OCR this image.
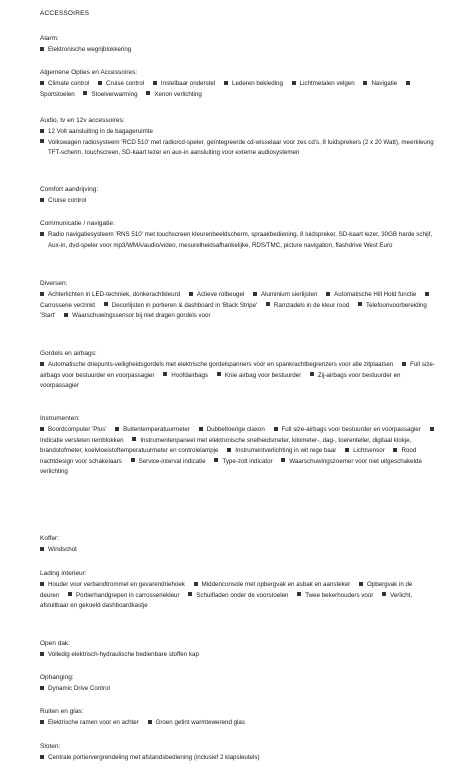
ACCESSOIRES
Alarm:
Elektronische wegrijblokkering
Algemene Opties en Accessoires:
Climate control	Cruise control	Instelbaar onderstel	Lederen bekleding	Lichtmetalen velgen	Navigatie Sportstoelen	Stoelverwarming	Xenon verlichting
Audio, tv en 12v accessoires:
12 Volt aansluiting in de bagageruimte
Volkswagen radiosysteem 'RCD 510' met radio/cd-speler, geïntegreerde cd-wisselaar voor zes cd's, 8 luidsprekers (2 x 20 Watt), meerkleurig TFT-scherm, touchscreen, SD-kaart lezer en aux-in aansluiting voor externe audiosystemen
Comfort aandrijving:
Cruise control
Communicatie / navigatie:
Radio navigatiesysteem 'RNS 510' met touchscreen kleurenbeeldscherm, spraakbediening, 8 luidspreker, SD-kaart lezer, 30GB harde schijf, Aux-in, dvd-speler voor mp3/WMA/audio/video, mesurelheidsafhankelijke, RDS/TMC, picture navigation, flashdrive West Euro
Diversen:
Achterlichten in LED-techniek, donkerachtkleurd	Actieve rolbeugel	Aluminium sierlijsten	Automatische Hill Hold functie Carrosserie verzinkt	Decorlijsten in portieren & dashboard in 'Black Stripe'	Ramzadels in de kleur rood	Telefoonvoorbereiding 'Start'	Waarschuwingssensor bij niet dragen gordels voor
Gordels en airbags:
Automatische driepunts-veiligheidsgordels met elektrische gordelspanners vóór en spankrachtbegrenzers voor alle zitplaatsen	Full size-airbags voor bestuurder en voorpassagier	Hoofdairbags	Knie airbag voor bestuurder	Zij-airbags voor bestuurder en voorpassagier
Instrumenten:
Boordcomputer 'Plus'	Buitentemperatuurmeter	Dubbeltoerige claxon	Full size-airbags voor bestuurder en voorpassagier Indicatie versleten remblokken	Instrumentenpaneel met elektronische snelheidsmeter, kilometer-, dag-, toerenteller, digitaal klokje, brandstofmeter, koelvloeistoftemperatuurmeter en controlelampje	Instrumentverlichting in wit rege baar	Lichtsensor	Rood nachtdesign voor schakelaars	Service-interval indicatie	Type-zolt indicator	Waarschuwingszoemer voor niet uitgeschakelde verlichting
Koffer:
Windschot
Lading interieur:
Houder voor verbandtrommel en gevarendriehoek	Middenconsole met opbergvak en asbak en aansteker	Opbergvak in de deuren	Portierhandgrepen in carrosseriekleur	Schuifladen onder de voorstoelen	Twee bekerhouders voor	Verlicht, afsluitbaar en gekoeld dashboardkastje
Open dak:
Volledig elektrisch-hydraulische bedienbare stoffen kap
Ophanging:
Dynamic Drive Control
Ruiten en glas:
Elektrische ramen voor en achter	Groen getint warmtewerend glas
Sloten:
Centrale portiervergrendeling met afstandsbediening (inclusief 2 klapsleutels)
